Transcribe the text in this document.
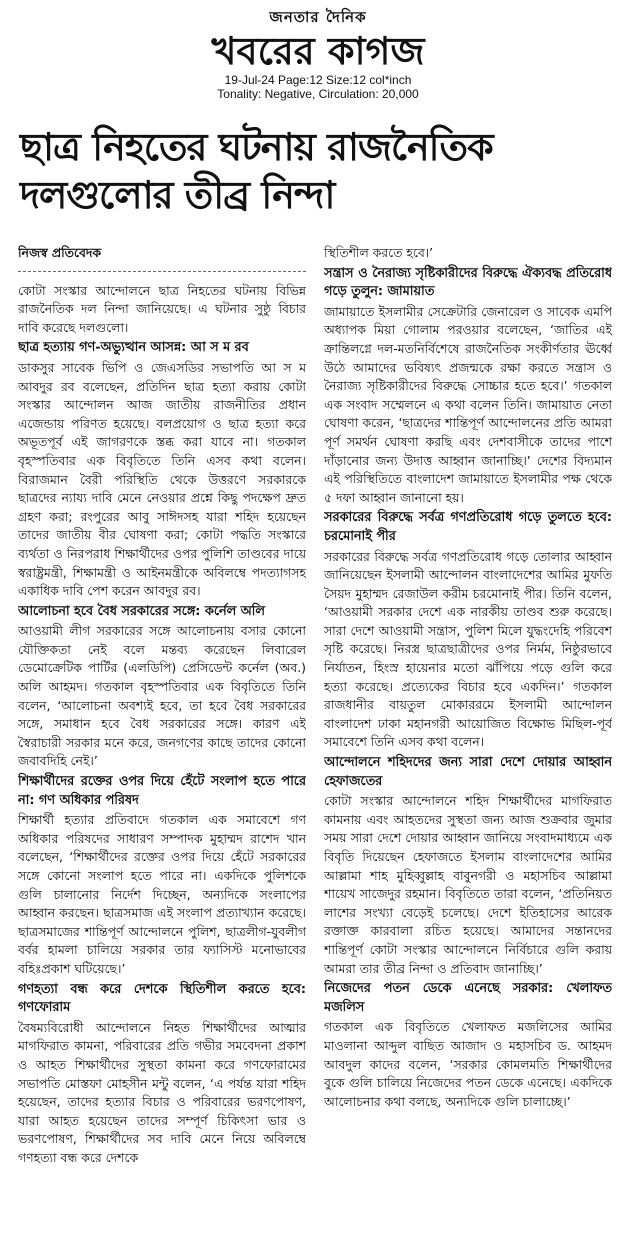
জনতার দৈনিক
খবরের কাগজ
19-Jul-24 Page:12 Size:12 col*inch
Tonality: Negative, Circulation: 20,000
ছাত্র নিহতের ঘটনায় রাজনৈতিক
দলগুলোর তীব্র নিন্দা

নিজস্ব প্রতিবেদক

কোটা সংস্কার আন্দোলনে ছাত্র নিহতের ঘটনায় বিভিন্ন রাজনৈতিক দল নিন্দা জানিয়েছে। এ ঘটনার সুষ্ঠু বিচার দাবি করেছে দলগুলো।

ছাত্র হত্যায় গণ-অভ্যুত্থান আসন্ন: আ স ম রব

ডাকসুর সাবেক ভিপি ও জেএসডির সভাপতি আ স ম আবদুর রব বলেছেন, প্রতিদিন ছাত্র হত্যা করায় কোটা সংস্কার আন্দোলন আজ জাতীয় রাজনীতির প্রধান এজেন্ডায় পরিণত হয়েছে। বলপ্রয়োগ ও ছাত্র হত্যা করে অভূতপূর্ব এই জাগরণকে স্তব্ধ করা যাবে না। গতকাল বৃহস্পতিবার এক বিবৃতিতে তিনি এসব কথা বলেন। বিরাজমান বৈরী পরিস্থিতি থেকে উত্তরণে সরকারকে ছাত্রদের ন্যায্য দাবি মেনে নেওয়ার প্রশ্নে কিছু পদক্ষেপ দ্রুত গ্রহণ করা; রংপুরের আবু সাঈদসহ যারা শহিদ হয়েছেন তাদের জাতীয় বীর ঘোষণা করা; কোটা পদ্ধতি সংস্কারে ব্যর্থতা ও নিরপরাধ শিক্ষার্থীদের ওপর পুলিশি তাণ্ডবের দায়ে স্বরাষ্ট্রমন্ত্রী, শিক্ষামন্ত্রী ও আইনমন্ত্রীকে অবিলম্বে পদত্যাগসহ একাধিক দাবি পেশ করেন আবদুর রব।

আলোচনা হবে বৈধ সরকারের সঙ্গে: কর্নেল অলি

আওয়ামী লীগ সরকারের সঙ্গে আলোচনায় বসার কোনো যৌক্তিকতা নেই বলে মন্তব্য করেছেন লিবারেল ডেমোক্রেটিক পার্টির (এলডিপি) প্রেসিডেন্ট কর্নেল (অব.) অলি আহমদ। গতকাল বৃহস্পতিবার এক বিবৃতিতে তিনি বলেন, ‘আলোচনা অবশ্যই হবে, তা হবে বৈধ সরকারের সঙ্গে, সমাধান হবে বৈধ সরকারের সঙ্গে। কারণ এই স্বৈরাচারী সরকার মনে করে, জনগণের কাছে তাদের কোনো জবাবদিহি নেই।’

শিক্ষার্থীদের রক্তের ওপর দিয়ে হেঁটে সংলাপ হতে পারে না: গণ অধিকার পরিষদ

শিক্ষার্থী হত্যার প্রতিবাদে গতকাল এক সমাবেশে গণ অধিকার পরিষদের সাধারণ সম্পাদক মুহাম্মদ রাশেদ খান বলেছেন, ‘শিক্ষার্থীদের রক্তের ওপর দিয়ে হেঁটে সরকারের সঙ্গে কোনো সংলাপ হতে পারে না। একদিকে পুলিশকে গুলি চালানোর নির্দেশ দিচ্ছেন, অন্যদিকে সংলাপের আহ্বান করছেন। ছাত্রসমাজ এই সংলাপ প্রত্যাখ্যান করেছে। ছাত্রসমাজের শান্তিপূর্ণ আন্দোলনে পুলিশ, ছাত্রলীগ-যুবলীগ বর্বর হামলা চালিয়ে সরকার তার ফ্যাসিস্ট মনোভাবের বহিঃপ্রকাশ ঘটিয়েছে।’

গণহত্যা বন্ধ করে দেশকে স্থিতিশীল করতে হবে: গণফোরাম

বৈষম্যবিরোধী আন্দোলনে নিহত শিক্ষার্থীদের আত্মার মাগফিরাত কামনা, পরিবারের প্রতি গভীর সমবেদনা প্রকাশ ও আহত শিক্ষার্থীদের সুস্থতা কামনা করে গণফোরামের সভাপতি মোস্তফা মোহসীন মন্টু বলেন, ‘এ পর্যন্ত যারা শহিদ হয়েছেন, তাদের হত্যার বিচার ও পরিবারের ভরণপোষণ, যারা আহত হয়েছেন তাদের সম্পূর্ণ চিকিৎসা ভার ও ভরণপোষণ, শিক্ষার্থীদের সব দাবি মেনে নিয়ে অবিলম্বে গণহত্যা বন্ধ করে দেশকে

স্থিতিশীল করতে হবে।’

সন্ত্রাস ও নৈরাজ্য সৃষ্টিকারীদের বিরুদ্ধে ঐক্যবদ্ধ প্রতিরোধ গড়ে তুলুন: জামায়াত

জামায়াতে ইসলামীর সেক্রেটারি জেনারেল ও সাবেক এমপি অধ্যাপক মিয়া গোলাম পরওয়ার বলেছেন, ‘জাতির এই ক্রান্তিলগ্নে দল-মতনির্বিশেষে রাজনৈতিক সংকীর্ণতার ঊর্ধ্বে উঠে আমাদের ভবিষ্যৎ প্রজন্মকে রক্ষা করতে সন্ত্রাস ও নৈরাজ্য সৃষ্টিকারীদের বিরুদ্ধে সোচ্চার হতে হবে।’ গতকাল এক সংবাদ সম্মেলনে এ কথা বলেন তিনি। জামায়াত নেতা ঘোষণা করেন, ‘ছাত্রদের শান্তিপূর্ণ আন্দোলনের প্রতি আমরা পূর্ণ সমর্থন ঘোষণা করছি এবং দেশবাসীকে তাদের পাশে দাঁড়ানোর জন্য উদাত্ত আহ্বান জানাচ্ছি।’ দেশের বিদ্যমান এই পরিস্থিতিতে বাংলাদেশ জামায়াতে ইসলামীর পক্ষ থেকে ৫ দফা আহ্বান জানানো হয়।

সরকারের বিরুদ্ধে সর্বত্র গণপ্রতিরোধ গড়ে তুলতে হবে: চরমোনাই পীর

সরকারের বিরুদ্ধে সর্বত্র গণপ্রতিরোধ গড়ে তোলার আহ্বান জানিয়েছেন ইসলামী আন্দোলন বাংলাদেশের আমির মুফতি সৈয়দ মুহাম্মদ রেজাউল করীম চরমোনাই পীর। তিনি বলেন, ‘আওয়ামী সরকার দেশে এক নারকীয় তাণ্ডব শুরু করেছে। সারা দেশে আওয়ামী সন্ত্রাস, পুলিশ মিলে যুদ্ধংদেহি পরিবেশ সৃষ্টি করেছে। নিরস্ত্র ছাত্রছাত্রীদের ওপর নির্মম, নিষ্ঠুরভাবে নির্যাতন, হিংস্র হায়েনার মতো ঝাঁপিয়ে পড়ে গুলি করে হত্যা করেছে। প্রত্যেকের বিচার হবে একদিন।’ গতকাল রাজধানীর বায়তুল মোকাররমে ইসলামী আন্দোলন বাংলাদেশ ঢাকা মহানগরী আয়োজিত বিক্ষোভ মিছিল-পূর্ব সমাবেশে তিনি এসব কথা বলেন।

আন্দোলনে শহিদদের জন্য সারা দেশে দোয়ার আহ্বান হেফাজতের

কোটা সংস্কার আন্দোলনে শহিদ শিক্ষার্থীদের মাগফিরাত কামনায় এবং আহতদের সুস্থতা জন্য আজ শুক্রবার জুমার সময় সারা দেশে দোয়ার আহ্বান জানিয়ে সংবাদমাধ্যমে এক বিবৃতি দিয়েছেন হেফাজতে ইসলাম বাংলাদেশের আমির আল্লামা শাহ মুহিব্বুল্লাহ বাবুনগরী ও মহাসচিব আল্লামা শায়েখ সাজেদুর রহমান। বিবৃতিতে তারা বলেন, ‘প্রতিনিয়ত লাশের সংখ্যা বেড়েই চলেছে। দেশে ইতিহাসের আরেক রক্তাক্ত কারবালা রচিত হয়েছে। আমাদের সন্তানদের শান্তিপূর্ণ কোটা সংস্কার আন্দোলনে নির্বিচারে গুলি করায় আমরা তার তীব্র নিন্দা ও প্রতিবাদ জানাচ্ছি।’

নিজেদের পতন ডেকে এনেছে সরকার: খেলাফত মজলিস

গতকাল এক বিবৃতিতে খেলাফত মজলিসের আমির মাওলানা আব্দুল বাছিত আজাদ ও মহাসচিব ড. আহমদ আবদুল কাদের বলেন, ‘সরকার কোমলমতি শিক্ষার্থীদের বুকে গুলি চালিয়ে নিজেদের পতন ডেকে এনেছে। একদিকে আলোচনার কথা বলছে, অন্যদিকে গুলি চালাচ্ছে।’
